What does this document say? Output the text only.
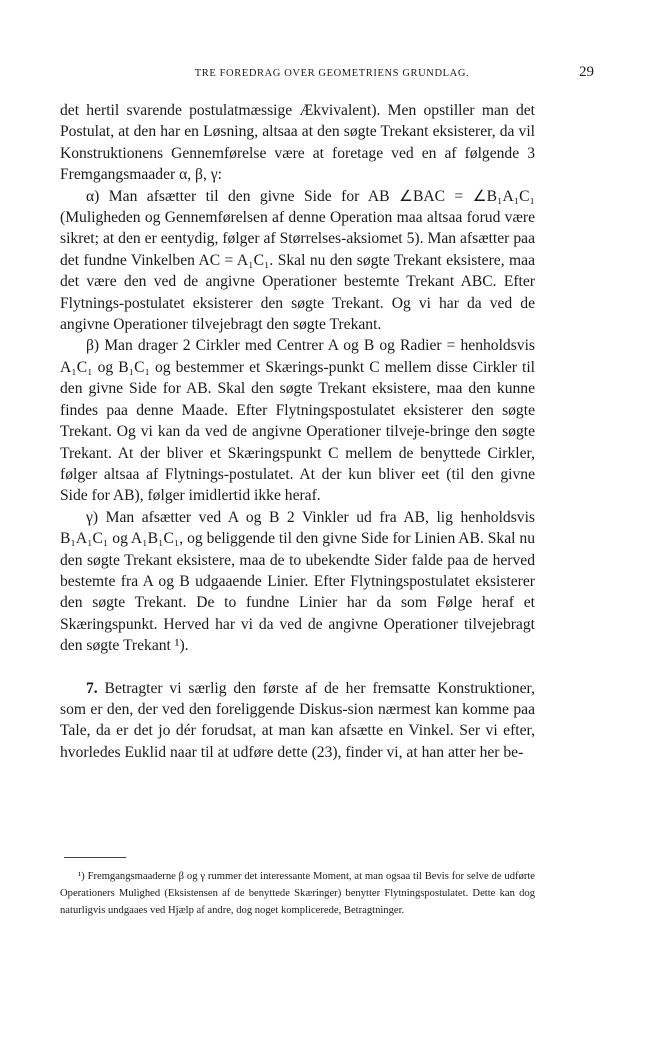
TRE FOREDRAG OVER GEOMETRIENS GRUNDLAG.	29

det hertil svarende postulatmæssige Ækvivalent). Men opstiller man det Postulat, at den har en Løsning, altsaa at den søgte Trekant eksisterer, da vil Konstruktionens Gennemførelse være at foretage ved en af følgende 3 Fremgangsmaader α, β, γ:

α) Man afsætter til den givne Side for AB ∠BAC = ∠B₁A₁C₁ (Muligheden og Gennemførelsen af denne Operation maa altsaa forud være sikret; at den er eentydig, følger af Størrelses-aksiomet 5). Man afsætter paa det fundne Vinkelben AC = A₁C₁. Skal nu den søgte Trekant eksistere, maa det være den ved de angivne Operationer bestemte Trekant ABC. Efter Flytnings-postulatet eksisterer den søgte Trekant. Og vi har da ved de angivne Operationer tilvejebragt den søgte Trekant.

β) Man drager 2 Cirkler med Centrer A og B og Radier = henholdsvis A₁C₁ og B₁C₁ og bestemmer et Skærings-punkt C mellem disse Cirkler til den givne Side for AB. Skal den søgte Trekant eksistere, maa den kunne findes paa denne Maade. Efter Flytningspostulatet eksisterer den søgte Trekant. Og vi kan da ved de angivne Operationer tilveje-bringe den søgte Trekant. At der bliver et Skæringspunkt C mellem de benyttede Cirkler, følger altsaa af Flytnings-postulatet. At der kun bliver eet (til den givne Side for AB), følger imidlertid ikke heraf.

γ) Man afsætter ved A og B 2 Vinkler ud fra AB, lig henholdsvis B₁A₁C₁ og A₁B₁C₁, og beliggende til den givne Side for Linien AB. Skal nu den søgte Trekant eksistere, maa de to ubekendte Sider falde paa de herved bestemte fra A og B udgaaende Linier. Efter Flytningspostulatet eksisterer den søgte Trekant. De to fundne Linier har da som Følge heraf et Skæringspunkt. Herved har vi da ved de angivne Operationer tilvejebragt den søgte Trekant ¹).

7. Betragter vi særlig den første af de her fremsatte Konstruktioner, som er den, der ved den foreliggende Diskus-sion nærmest kan komme paa Tale, da er det jo dér forudsat, at man kan afsætte en Vinkel. Ser vi efter, hvorledes Euklid naar til at udføre dette (23), finder vi, at han atter her be-

¹) Fremgangsmaaderne β og γ rummer det interessante Moment, at man ogsaa til Bevis for selve de udførte Operationers Mulighed (Eksistensen af de benyttede Skæringer) benytter Flytningspostulatet. Dette kan dog naturligvis undgaaes ved Hjælp af andre, dog noget komplicerede, Betragtninger.
